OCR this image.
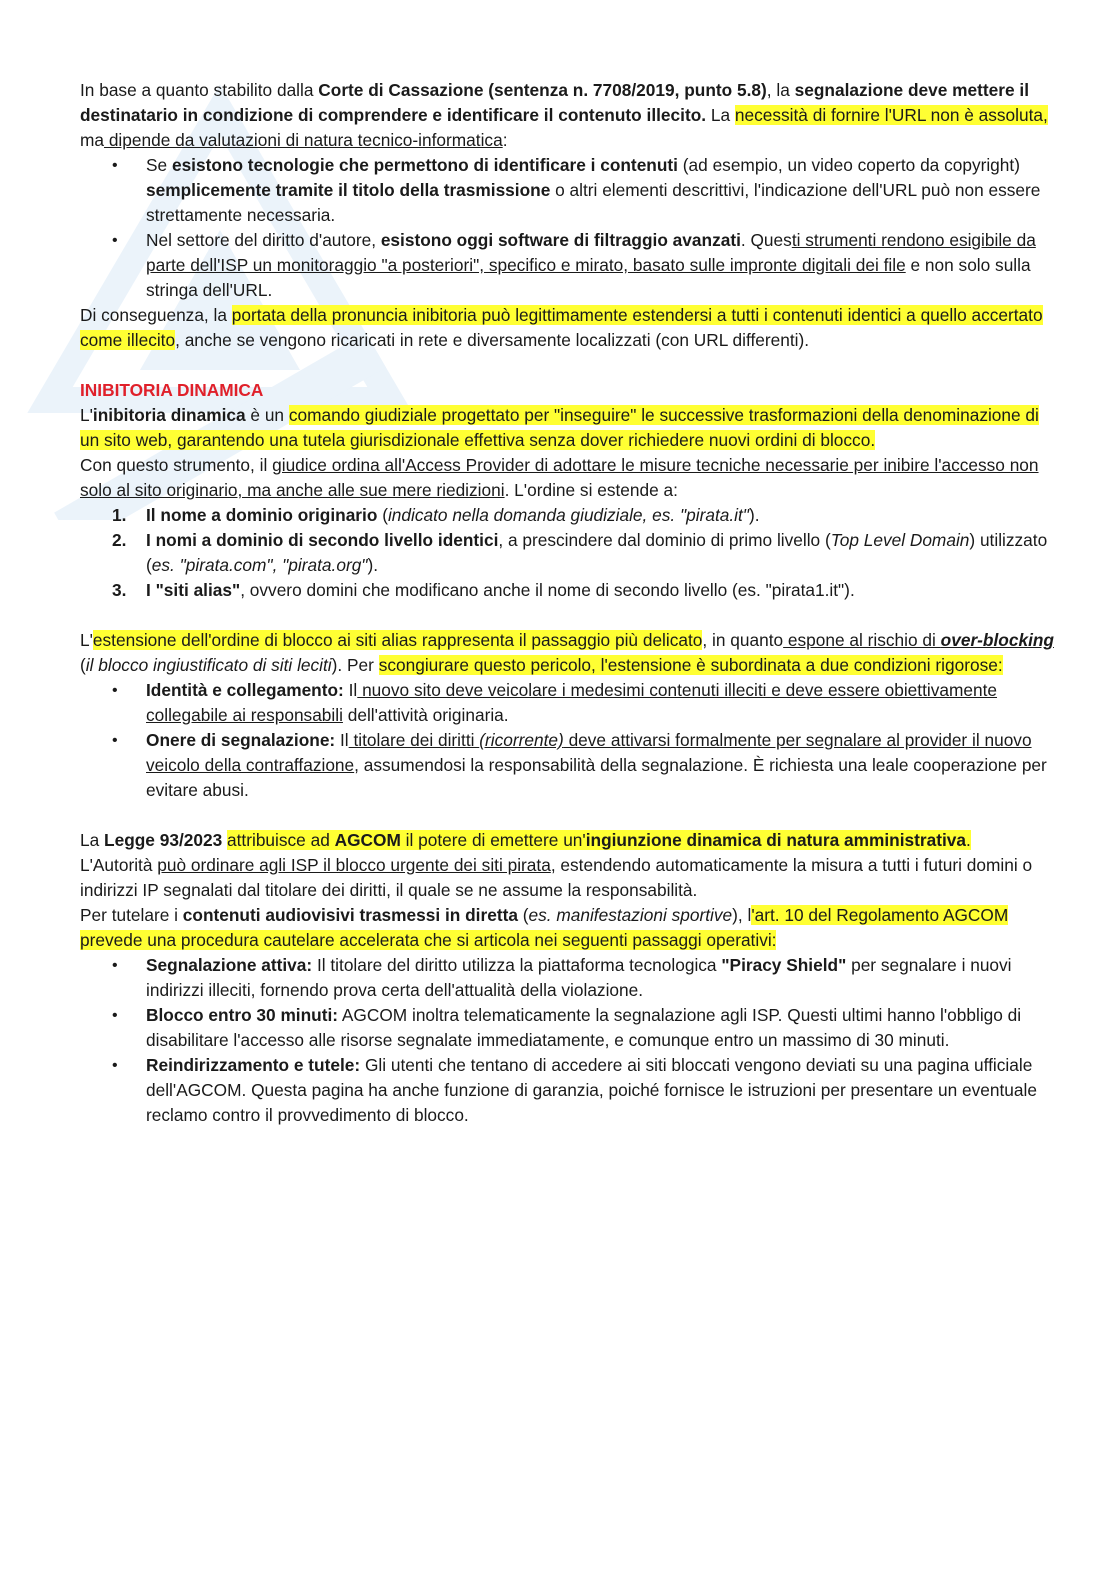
In base a quanto stabilito dalla Corte di Cassazione (sentenza n. 7708/2019, punto 5.8), la segnalazione deve mettere il destinatario in condizione di comprendere e identificare il contenuto illecito. La necessità di fornire l'URL non è assoluta, ma dipende da valutazioni di natura tecnico-informatica:

• Se esistono tecnologie che permettono di identificare i contenuti (ad esempio, un video coperto da copyright) semplicemente tramite il titolo della trasmissione o altri elementi descrittivi, l'indicazione dell'URL può non essere strettamente necessaria.
• Nel settore del diritto d'autore, esistono oggi software di filtraggio avanzati. Questi strumenti rendono esigibile da parte dell'ISP un monitoraggio "a posteriori", specifico e mirato, basato sulle impronte digitali dei file e non solo sulla stringa dell'URL.

Di conseguenza, la portata della pronuncia inibitoria può legittimamente estendersi a tutti i contenuti identici a quello accertato come illecito, anche se vengono ricaricati in rete e diversamente localizzati (con URL differenti).

INIBITORIA DINAMICA

L'inibitoria dinamica è un comando giudiziale progettato per "inseguire" le successive trasformazioni della denominazione di un sito web, garantendo una tutela giurisdizionale effettiva senza dover richiedere nuovi ordini di blocco.

Con questo strumento, il giudice ordina all'Access Provider di adottare le misure tecniche necessarie per inibire l'accesso non solo al sito originario, ma anche alle sue mere riedizioni. L'ordine si estende a:

1. Il nome a dominio originario (indicato nella domanda giudiziale, es. "pirata.it").
2. I nomi a dominio di secondo livello identici, a prescindere dal dominio di primo livello (Top Level Domain) utilizzato (es. "pirata.com", "pirata.org").
3. I "siti alias", ovvero domini che modificano anche il nome di secondo livello (es. "pirata1.it").

L'estensione dell'ordine di blocco ai siti alias rappresenta il passaggio più delicato, in quanto espone al rischio di over-blocking (il blocco ingiustificato di siti leciti). Per scongiurare questo pericolo, l'estensione è subordinata a due condizioni rigorose:

• Identità e collegamento: Il nuovo sito deve veicolare i medesimi contenuti illeciti e deve essere obiettivamente collegabile ai responsabili dell'attività originaria.
• Onere di segnalazione: Il titolare dei diritti (ricorrente) deve attivarsi formalmente per segnalare al provider il nuovo veicolo della contraffazione, assumendosi la responsabilità della segnalazione. È richiesta una leale cooperazione per evitare abusi.

La Legge 93/2023 attribuisce ad AGCOM il potere di emettere un'ingiunzione dinamica di natura amministrativa.

L'Autorità può ordinare agli ISP il blocco urgente dei siti pirata, estendendo automaticamente la misura a tutti i futuri domini o indirizzi IP segnalati dal titolare dei diritti, il quale se ne assume la responsabilità.

Per tutelare i contenuti audiovisivi trasmessi in diretta (es. manifestazioni sportive), l'art. 10 del Regolamento AGCOM prevede una procedura cautelare accelerata che si articola nei seguenti passaggi operativi:

• Segnalazione attiva: Il titolare del diritto utilizza la piattaforma tecnologica "Piracy Shield" per segnalare i nuovi indirizzi illeciti, fornendo prova certa dell'attualità della violazione.
• Blocco entro 30 minuti: AGCOM inoltra telematicamente la segnalazione agli ISP. Questi ultimi hanno l'obbligo di disabilitare l'accesso alle risorse segnalate immediatamente, e comunque entro un massimo di 30 minuti.
• Reindirizzamento e tutele: Gli utenti che tentano di accedere ai siti bloccati vengono deviati su una pagina ufficiale dell'AGCOM. Questa pagina ha anche funzione di garanzia, poiché fornisce le istruzioni per presentare un eventuale reclamo contro il provvedimento di blocco.
